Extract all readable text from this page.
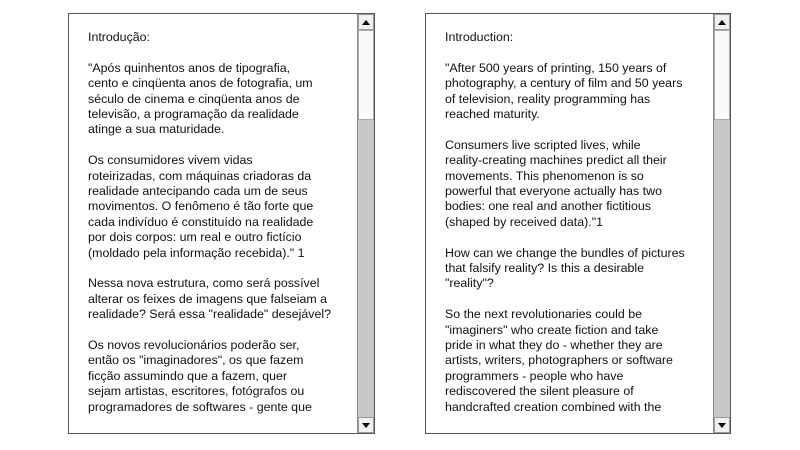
Introdução:

"Após quinhentos anos de tipografia,
cento e cinqüenta anos de fotografia, um
século de cinema e cinqüenta anos de
televisão, a programação da realidade
atinge a sua maturidade.

Os consumidores vivem vidas
roteirizadas, com máquinas criadoras da
realidade antecipando cada um de seus
movimentos. O fenômeno é tão forte que
cada indivíduo é constituído na realidade
por dois corpos: um real e outro fictício
(moldado pela informação recebida)." 1

Nessa nova estrutura, como será possível
alterar os feixes de imagens que falseiam a
realidade? Será essa "realidade" desejável?

Os novos revolucionários poderão ser,
então os "imaginadores", os que fazem
ficção assumindo que a fazem, quer
sejam artistas, escritores, fotógrafos ou
programadores de softwares - gente que

Introduction:

"After 500 years of printing, 150 years of
photography, a century of film and 50 years
of television, reality programming has
reached maturity.

Consumers live scripted lives, while
reality-creating machines predict all their
movements. This phenomenon is so
powerful that everyone actually has two
bodies: one real and another fictitious
(shaped by received data)."1

How can we change the bundles of pictures
that falsify reality? Is this a desirable
"reality"?

So the next revolutionaries could be
"imaginers" who create fiction and take
pride in what they do - whether they are
artists, writers, photographers or software
programmers - people who have
rediscovered the silent pleasure of
handcrafted creation combined with the
